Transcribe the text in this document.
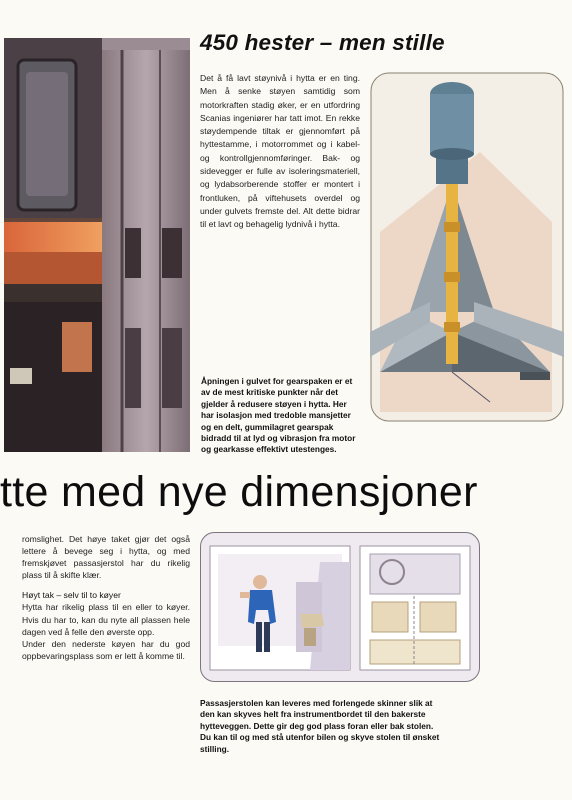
450 hester – men stille
Det å få lavt støynivå i hytta er en ting. Men å senke støyen samtidig som motorkraften stadig øker, er en utfordring Scanias ingeniører har tatt imot. En rekke støydempende tiltak er gjennomført på hyttestamme, i motorrommet og i kabel- og kontrollgjennomføringer. Bak- og sidevegger er fulle av isoleringsmateriell, og lydabsorberende stoffer er montert i frontluken, på viftehusets overdel og under gulvets fremste del. Alt dette bidrar til et lavt og behagelig lydnivå i hytta.
Åpningen i gulvet for gearspaken er et av de mest kritiske punkter når det gjelder å redusere støyen i hytta. Her har isolasjon med tredoble mansjetter og en delt, gummilagret gearspak bidradd til at lyd og vibrasjon fra motor og gearkasse effektivt utestenges.
tte med nye dimensjoner

romslighet. Det høye taket gjør det også lettere å bevege seg i hytta, og med fremskjøvet passasjerstol har du rikelig plass til å skifte klær.

Høyt tak – selv til to køyer

Hytta har rikelig plass til en eller to køyer. Hvis du har to, kan du nyte all plassen hele dagen ved å felle den øverste opp.

Under den nederste køyen har du god oppbevaringsplass som er lett å komme til.

Passasjerstolen kan leveres med forlengede skinner slik at den kan skyves helt fra instrumentbordet til den bakerste hytteveggen. Dette gir deg god plass foran eller bak stolen. Du kan til og med stå utenfor bilen og skyve stolen til ønsket stilling.
